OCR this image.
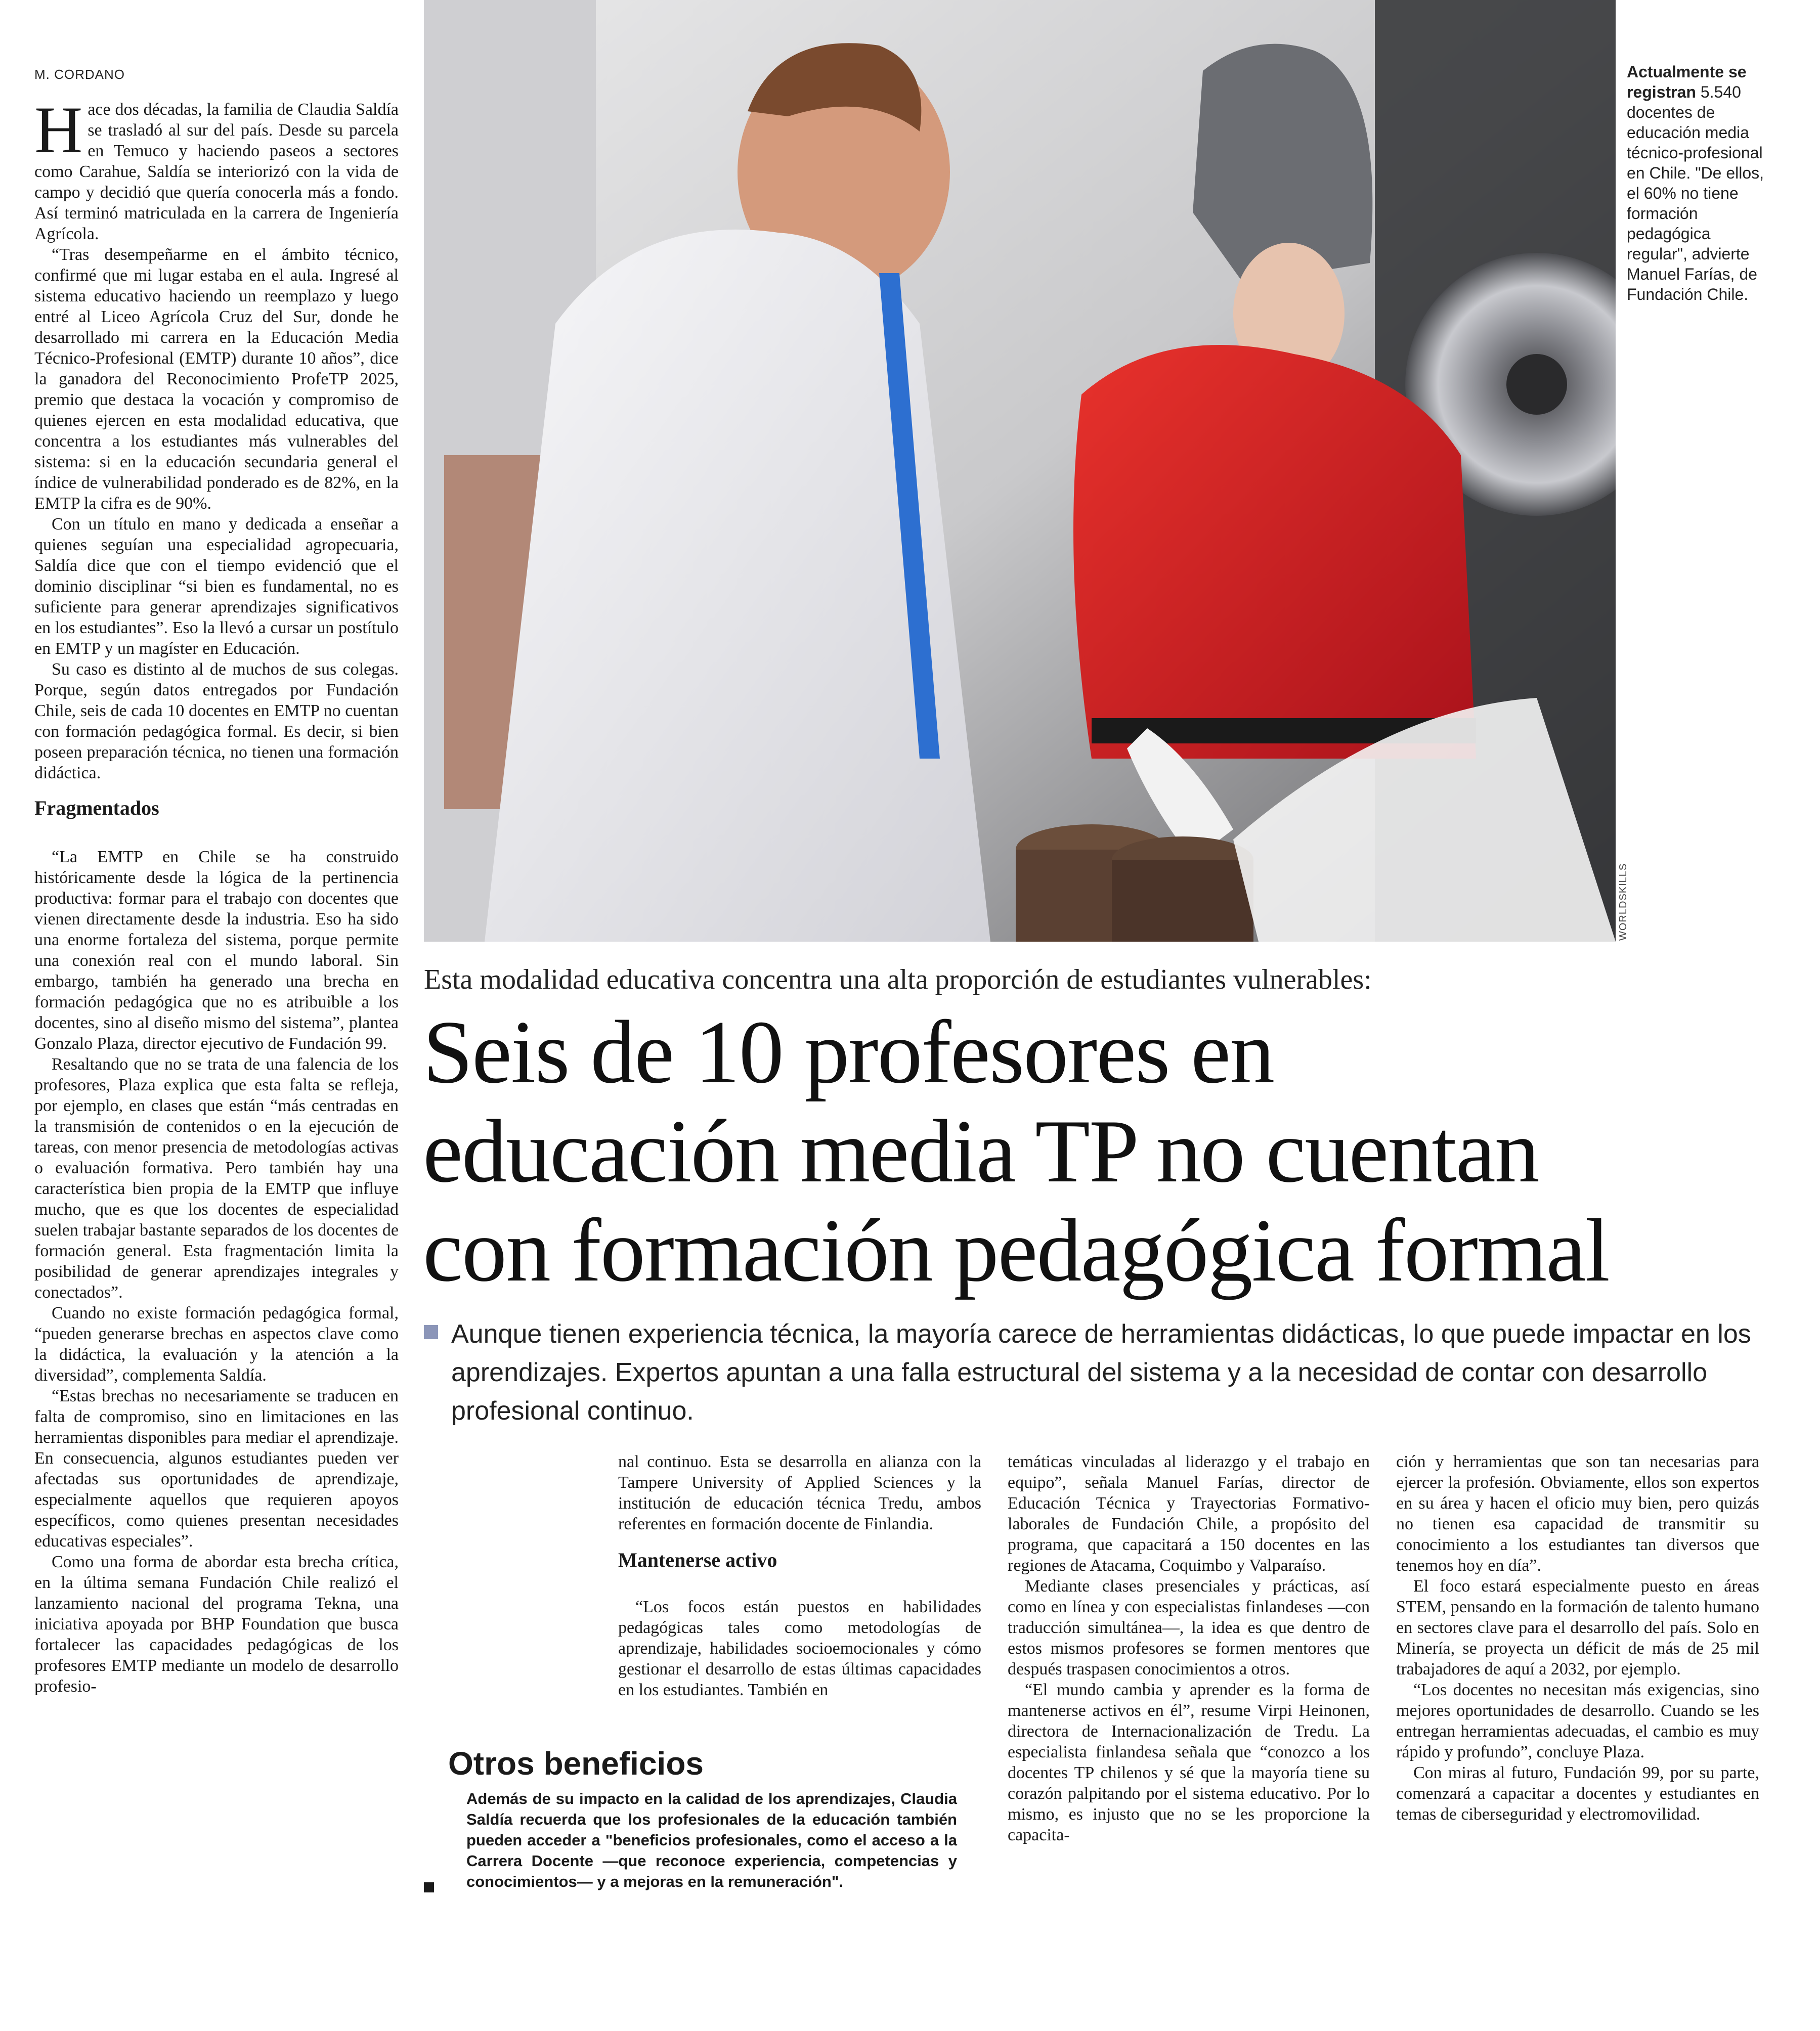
M. CORDANO

Hace dos décadas, la familia de Claudia Saldía se trasladó al sur del país. Desde su parcela en Temuco y haciendo paseos a sectores como Carahue, Saldía se interiorizó con la vida de campo y decidió que quería conocerla más a fondo. Así terminó matriculada en la carrera de Ingeniería Agrícola.

“Tras desempeñarme en el ámbito técnico, confirmé que mi lugar estaba en el aula. Ingresé al sistema educativo haciendo un reemplazo y luego entré al Liceo Agrícola Cruz del Sur, donde he desarrollado mi carrera en la Educación Media Técnico-Profesional (EMTP) durante 10 años”, dice la ganadora del Reconocimiento ProfeTP 2025, premio que destaca la vocación y compromiso de quienes ejercen en esta modalidad educativa, que concentra a los estudiantes más vulnerables del sistema: si en la educación secundaria general el índice de vulnerabilidad ponderado es de 82%, en la EMTP la cifra es de 90%.

Con un título en mano y dedicada a enseñar a quienes seguían una especialidad agropecuaria, Saldía dice que con el tiempo evidenció que el dominio disciplinar “si bien es fundamental, no es suficiente para generar aprendizajes significativos en los estudiantes”. Eso la llevó a cursar un postítulo en EMTP y un magíster en Educación.

Su caso es distinto al de muchos de sus colegas. Porque, según datos entregados por Fundación Chile, seis de cada 10 docentes en EMTP no cuentan con formación pedagógica formal. Es decir, si bien poseen preparación técnica, no tienen una formación didáctica.

Fragmentados

“La EMTP en Chile se ha construido históricamente desde la lógica de la pertinencia productiva: formar para el trabajo con docentes que vienen directamente desde la industria. Eso ha sido una enorme fortaleza del sistema, porque permite una conexión real con el mundo laboral. Sin embargo, también ha generado una brecha en formación pedagógica que no es atribuible a los docentes, sino al diseño mismo del sistema”, plantea Gonzalo Plaza, director ejecutivo de Fundación 99.

Resaltando que no se trata de una falencia de los profesores, Plaza explica que esta falta se refleja, por ejemplo, en clases que están “más centradas en la transmisión de contenidos o en la ejecución de tareas, con menor presencia de metodologías activas o evaluación formativa. Pero también hay una característica bien propia de la EMTP que influye mucho, que es que los docentes de especialidad suelen trabajar bastante separados de los docentes de formación general. Esta fragmentación limita la posibilidad de generar aprendizajes integrales y conectados”.

Cuando no existe formación pedagógica formal, “pueden generarse brechas en aspectos clave como la didáctica, la evaluación y la atención a la diversidad”, complementa Saldía.

“Estas brechas no necesariamente se traducen en falta de compromiso, sino en limitaciones en las herramientas disponibles para mediar el aprendizaje. En consecuencia, algunos estudiantes pueden ver afectadas sus oportunidades de aprendizaje, especialmente aquellos que requieren apoyos específicos, como quienes presentan necesidades educativas especiales”.

Como una forma de abordar esta brecha crítica, en la última semana Fundación Chile realizó el lanzamiento nacional del programa Tekna, una iniciativa apoyada por BHP Foundation que busca fortalecer las capacidades pedagógicas de los profesores EMTP mediante un modelo de desarrollo profesio-

WORLDSKILLS
Actualmente se registran 5.540 docentes de educación media técnico-profesional en Chile. "De ellos, el 60% no tiene formación pedagógica regular", advierte Manuel Farías, de Fundación Chile.
Esta modalidad educativa concentra una alta proporción de estudiantes vulnerables:
Seis de 10 profesores en
educación media TP no cuentan
con formación pedagógica formal
Aunque tienen experiencia técnica, la mayoría carece de herramientas didácticas, lo que puede impactar en los aprendizajes. Expertos apuntan a una falla estructural del sistema y a la necesidad de contar con desarrollo profesional continuo.

nal continuo. Esta se desarrolla en alianza con la Tampere University of Applied Sciences y la institución de educación técnica Tredu, ambos referentes en formación docente de Finlandia.

Mantenerse activo

“Los focos están puestos en habilidades pedagógicas tales como metodologías de aprendizaje, habilidades socioemocionales y cómo gestionar el desarrollo de estas últimas capacidades en los estudiantes. También en

Otros beneficios
Además de su impacto en la calidad de los aprendizajes, Claudia Saldía recuerda que los profesionales de la educación también pueden acceder a "beneficios profesionales, como el acceso a la Carrera Docente —que reconoce experiencia, competencias y conocimientos— y a mejoras en la remuneración".

temáticas vinculadas al liderazgo y el trabajo en equipo”, señala Manuel Farías, director de Educación Técnica y Trayectorias Formativo-laborales de Fundación Chile, a propósito del programa, que capacitará a 150 docentes en las regiones de Atacama, Coquimbo y Valparaíso.

Mediante clases presenciales y prácticas, así como en línea y con especialistas finlandeses —con traducción simultánea—, la idea es que dentro de estos mismos profesores se formen mentores que después traspasen conocimientos a otros.

“El mundo cambia y aprender es la forma de mantenerse activos en él”, resume Virpi Heinonen, directora de Internacionalización de Tredu. La especialista finlandesa señala que “conozco a los docentes TP chilenos y sé que la mayoría tiene su corazón palpitando por el sistema educativo. Por lo mismo, es injusto que no se les proporcione la capacita-

ción y herramientas que son tan necesarias para ejercer la profesión. Obviamente, ellos son expertos en su área y hacen el oficio muy bien, pero quizás no tienen esa capacidad de transmitir su conocimiento a los estudiantes tan diversos que tenemos hoy en día”.

El foco estará especialmente puesto en áreas STEM, pensando en la formación de talento humano en sectores clave para el desarrollo del país. Solo en Minería, se proyecta un déficit de más de 25 mil trabajadores de aquí a 2032, por ejemplo.

“Los docentes no necesitan más exigencias, sino mejores oportunidades de desarrollo. Cuando se les entregan herramientas adecuadas, el cambio es muy rápido y profundo”, concluye Plaza.

Con miras al futuro, Fundación 99, por su parte, comenzará a capacitar a docentes y estudiantes en temas de ciberseguridad y electromovilidad.
